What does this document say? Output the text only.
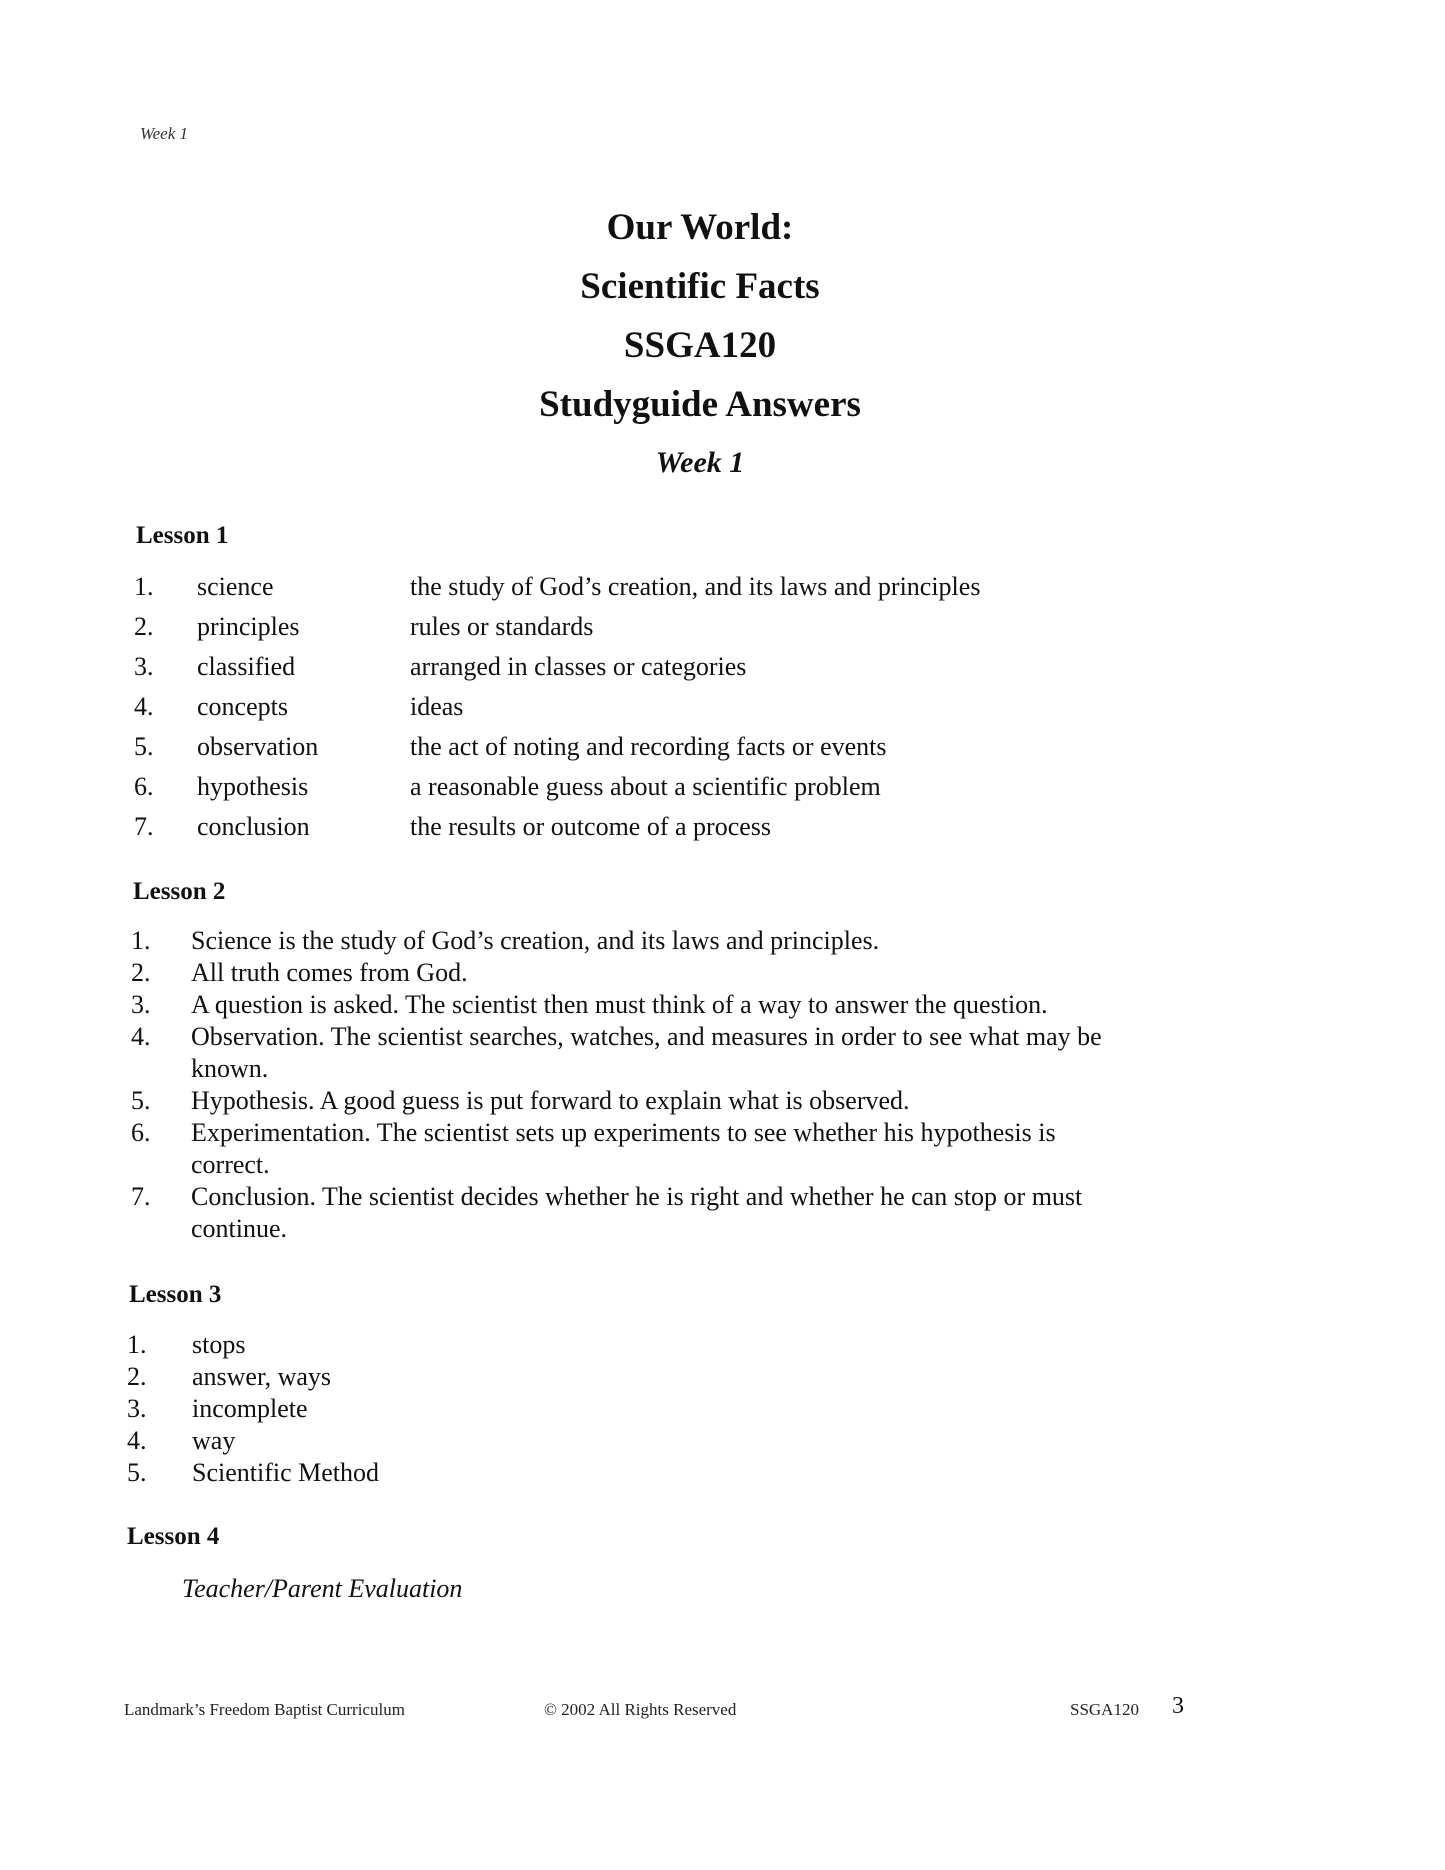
Week 1
Our World:
Scientific Facts
SSGA120
Studyguide Answers
Week 1
Lesson 1
1. science	the study of God’s creation, and its laws and principles
2. principles	rules or standards
3. classified	arranged in classes or categories
4. concepts	ideas
5. observation	the act of noting and recording facts or events
6. hypothesis	a reasonable guess about a scientific problem
7. conclusion	the results or outcome of a process
Lesson 2
1.	Science is the study of God’s creation, and its laws and principles.
2.	All truth comes from God.
3.	A question is asked. The scientist then must think of a way to answer the question.
4.	Observation. The scientist searches, watches, and measures in order to see what may be known.
5.	Hypothesis. A good guess is put forward to explain what is observed.
6.	Experimentation. The scientist sets up experiments to see whether his hypothesis is correct.
7.	Conclusion. The scientist decides whether he is right and whether he can stop or must continue.
Lesson 3
1. stops
2. answer, ways
3. incomplete
4. way
5. Scientific Method
Lesson 4
Teacher/Parent Evaluation
Landmark’s Freedom Baptist Curriculum	© 2002 All Rights Reserved	SSGA120 3
